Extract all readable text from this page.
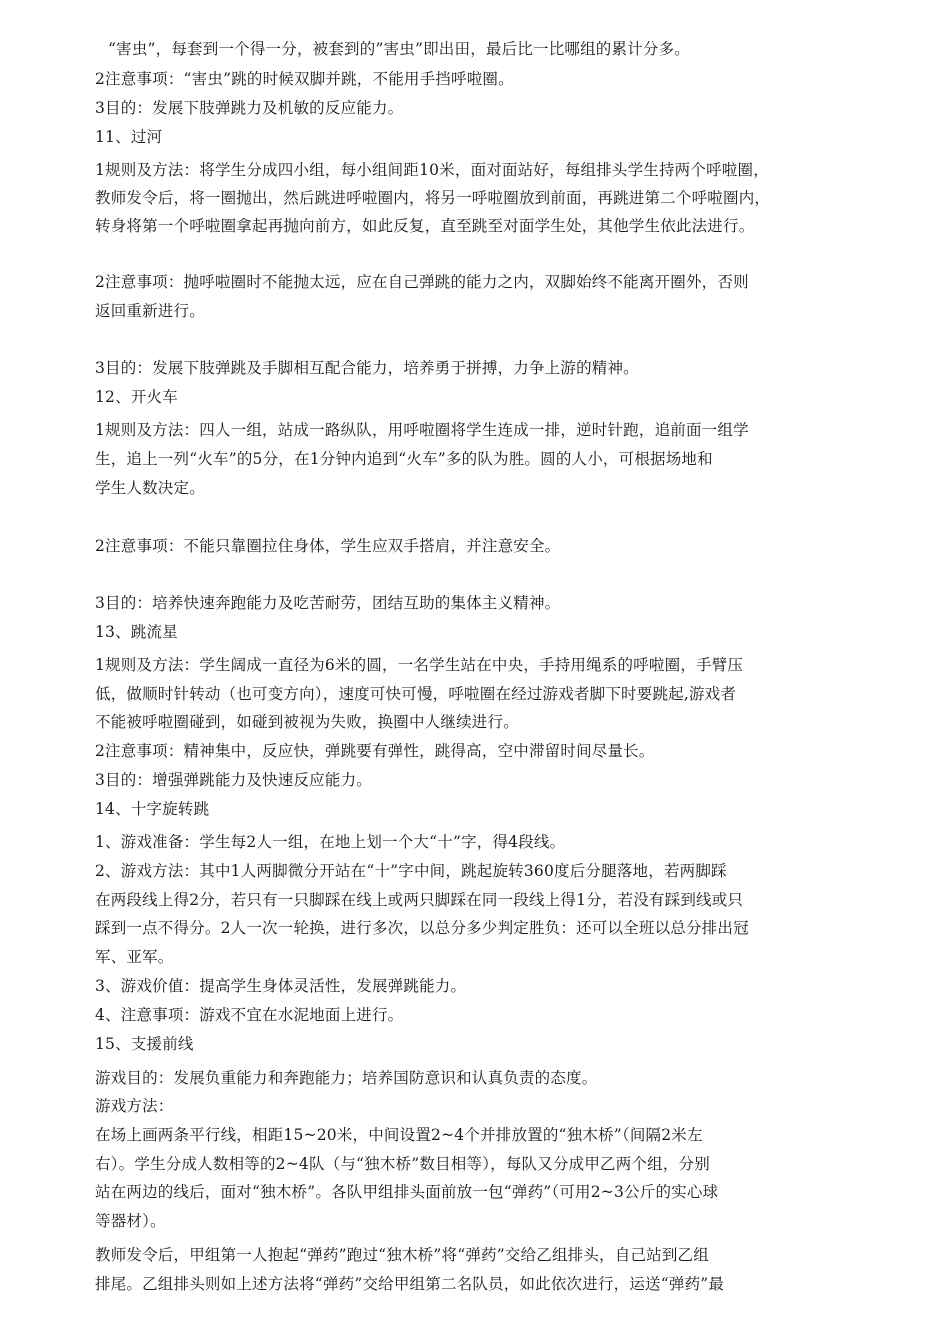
“害虫”，每套到一个得一分，被套到的”害虫”即出田，最后比一比哪组的累计分多。
2注意事项：“害虫”跳的时候双脚并跳，不能用手挡呼啦圈。
3目的：发展下肢弹跳力及机敏的反应能力。
11、过河
1规则及方法：将学生分成四小组，每小组间距10米，面对面站好，每组排头学生持两个呼啦圈，
教师发令后，将一圈抛出，然后跳进呼啦圈内，将另一呼啦圈放到前面，再跳进第二个呼啦圈内，
转身将第一个呼啦圈拿起再抛向前方，如此反复，直至跳至对面学生处，其他学生依此法进行。
2注意事项：抛呼啦圈时不能抛太远，应在自己弹跳的能力之内，双脚始终不能离开圈外，否则
返回重新进行。
3目的：发展下肢弹跳及手脚相互配合能力，培养勇于拼搏，力争上游的精神。
12、开火车
1规则及方法：四人一组，站成一路纵队，用呼啦圈将学生连成一排，逆时针跑，追前面一组学
生，追上一列“火车”的5分，在1分钟内追到“火车”多的队为胜。圆的人小，可根据场地和
学生人数决定。
2注意事项：不能只靠圈拉住身体，学生应双手搭肩，并注意安全。
3目的：培养快速奔跑能力及吃苦耐劳，团结互助的集体主义精神。
13、跳流星
1规则及方法：学生阔成一直径为6米的圆，一名学生站在中央，手持用绳系的呼啦圈，手臂压
低，做顺时针转动（也可变方向），速度可快可慢，呼啦圈在经过游戏者脚下时要跳起,游戏者
不能被呼啦圈碰到，如碰到被视为失败，换圈中人继续进行。
2注意事项：精神集中，反应快，弹跳要有弹性，跳得高，空中滞留时间尽量长。
3目的：增强弹跳能力及快速反应能力。
14、十字旋转跳
1、游戏准备：学生每2人一组，在地上划一个大“十”字，得4段线。
2、游戏方法：其中1人两脚微分开站在“十”字中间，跳起旋转360度后分腿落地，若两脚踩
在两段线上得2分，若只有一只脚踩在线上或两只脚踩在同一段线上得1分，若没有踩到线或只
踩到一点不得分。2人一次一轮换，进行多次，以总分多少判定胜负：还可以全班以总分排出冠
军、亚军。
3、游戏价值：提高学生身体灵活性，发展弹跳能力。
4、注意事项：游戏不宜在水泥地面上进行。
15、支援前线
游戏目的：发展负重能力和奔跑能力；培养国防意识和认真负责的态度。
游戏方法：
在场上画两条平行线，相距15~20米，中间设置2~4个并排放置的“独木桥”（间隔2米左
右）。学生分成人数相等的2~4队（与“独木桥”数目相等），每队又分成甲乙两个组，分别
站在两边的线后，面对“独木桥”。各队甲组排头面前放一包“弹药”（可用2~3公斤的实心球
等器材）。
教师发令后，甲组第一人抱起“弹药”跑过“独木桥”将“弹药”交给乙组排头，自己站到乙组
排尾。乙组排头则如上述方法将“弹药”交给甲组第二名队员，如此依次进行，运送“弹药”最
